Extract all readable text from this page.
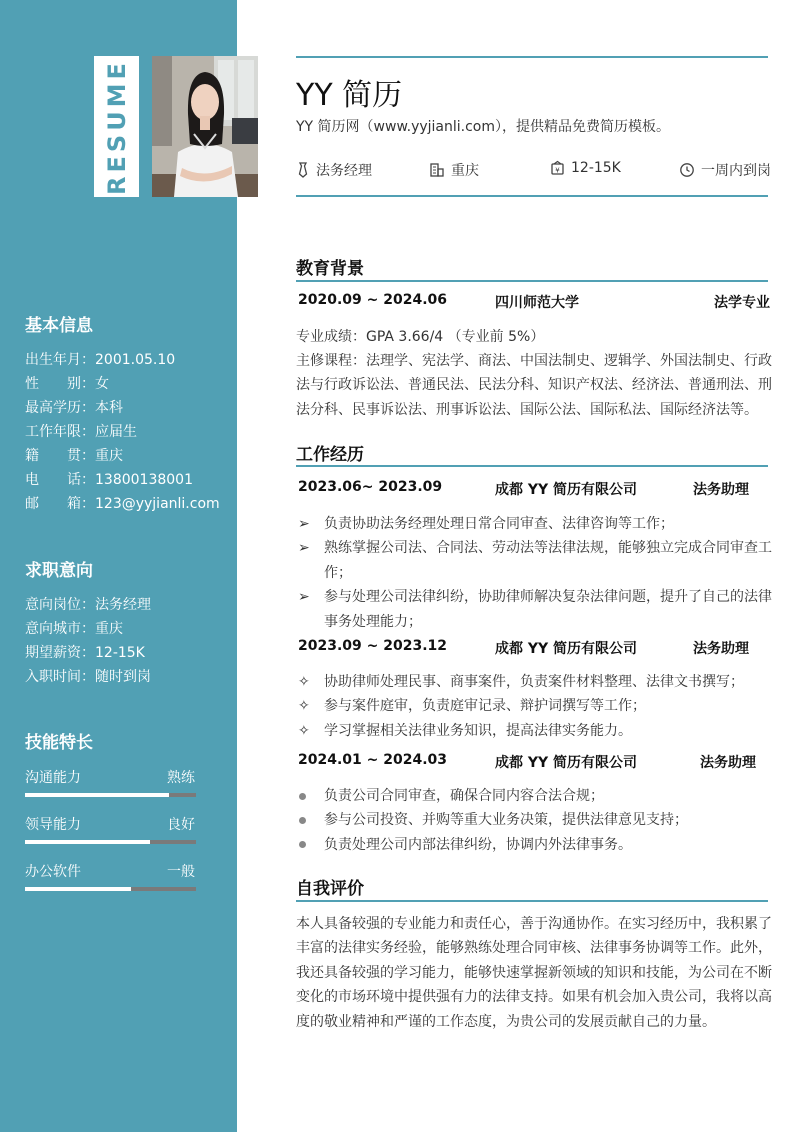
RESUME
基本信息
出生年月：2001.05.10
性　　别：女
最高学历：本科
工作年限：应届生
籍　　贯：重庆
电　　话：13800138001
邮　　箱：123@yyjianli.com
求职意向
意向岗位：法务经理
意向城市：重庆
期望薪资：12-15K
入职时间：随时到岗
技能特长
沟通能力	熟练
领导能力	良好
办公软件	一般
YY 简历
YY 简历网（www.yyjianli.com），提供精品免费简历模板。
法务经理	重庆	¥ 12-15K	一周内到岗
教育背景
2020.09 ~ 2024.06	四川师范大学	法学专业
专业成绩：GPA 3.66/4 （专业前 5%）
主修课程：法理学、宪法学、商法、中国法制史、逻辑学、外国法制史、行政法与行政诉讼法、普通民法、民法分科、知识产权法、经济法、普通刑法、刑法分科、民事诉讼法、刑事诉讼法、国际公法、国际私法、国际经济法等。
工作经历
2023.06~ 2023.09	成都 YY 简历有限公司	法务助理
➢	负责协助法务经理处理日常合同审查、法律咨询等工作；
➢	熟练掌握公司法、合同法、劳动法等法律法规，能够独立完成合同审查工作；
➢	参与处理公司法律纠纷，协助律师解决复杂法律问题，提升了自己的法律事务处理能力；
2023.09 ~ 2023.12	成都 YY 简历有限公司	法务助理
✧	协助律师处理民事、商事案件，负责案件材料整理、法律文书撰写；
✧	参与案件庭审，负责庭审记录、辩护词撰写等工作；
✧	学习掌握相关法律业务知识，提高法律实务能力。
2024.01 ~ 2024.03	成都 YY 简历有限公司	法务助理
负责公司合同审查，确保合同内容合法合规；
参与公司投资、并购等重大业务决策，提供法律意见支持；
负责处理公司内部法律纠纷，协调内外法律事务。
自我评价
本人具备较强的专业能力和责任心，善于沟通协作。在实习经历中，我积累了丰富的法律实务经验，能够熟练处理合同审核、法律事务协调等工作。此外，我还具备较强的学习能力，能够快速掌握新领域的知识和技能，为公司在不断变化的市场环境中提供强有力的法律支持。如果有机会加入贵公司，我将以高度的敬业精神和严谨的工作态度，为贵公司的发展贡献自己的力量。
